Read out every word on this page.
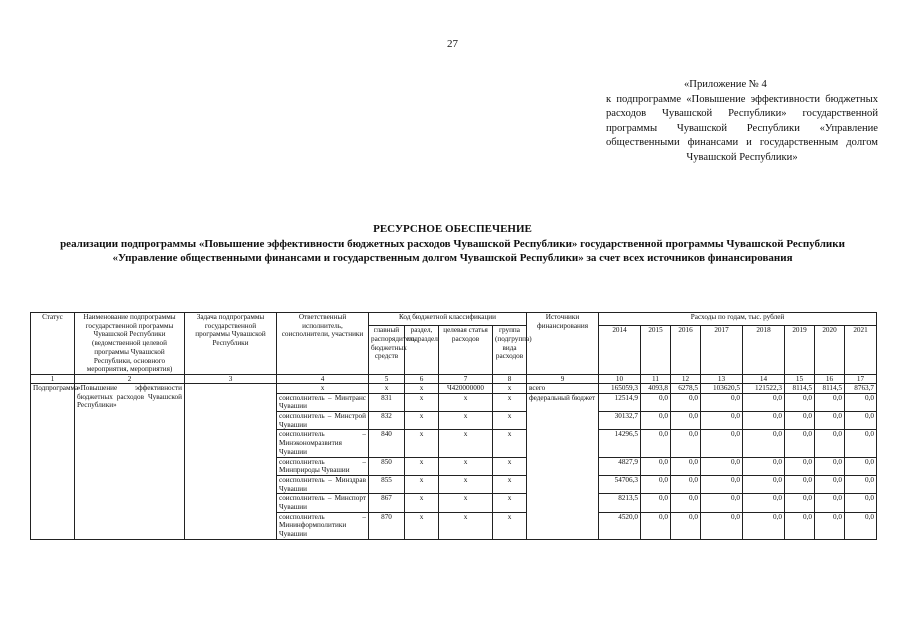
27
«Приложение № 4
к подпрограмме «Повышение эффективности бюджетных расходов Чувашской Республики» государственной программы Чувашской Республики «Управление общественными финансами и государственным долгом Чувашской Республики»
РЕСУРСНОЕ ОБЕСПЕЧЕНИЕ
реализации подпрограммы «Повышение эффективности бюджетных расходов Чувашской Республики» государственной программы Чувашской Республики «Управление общественными финансами и государственным долгом Чувашской Республики» за счет всех источников финансирования
Статус	Наименование подпрограммы государственной программы Чувашской Республики (ведомственной целевой программы Чувашской Республики, основного мероприятия, мероприятия)	Задача подпрограммы государственной программы Чувашской Республики	Ответственный исполнитель, соисполнители, участники	Код бюджетной классификации				Источники финансирования	Расходы по годам, тыс. рублей							
				главный распорядитель бюджетных средств	раздел, подраздел	целевая статья расходов	группа (подгруппа) вида расходов		2014	2015	2016	2017	2018	2019	2020	2021
1	2	3	4	5	6	7	8	9	10	11	12	13	14	15	16	17
Подпрограмма	«Повышение эффективности бюджетных расходов Чувашской Республики»		х	х	х	Ч420000000	х	всего	165059,3	4093,8	6278,5	103620,5	121522,3	8114,5	8114,5	8763,7
			соисполнитель – Минтранс Чувашии	831	х	х	х	федеральный бюджет	12514,9	0,0	0,0	0,0	0,0	0,0	0,0	0,0
			соисполнитель – Минстрой Чувашии	832	х	х	х		30132,7	0,0	0,0	0,0	0,0	0,0	0,0	0,0
			соисполнитель – Минэкономразвития Чувашии	840	х	х	х		14296,5	0,0	0,0	0,0	0,0	0,0	0,0	0,0
			соисполнитель – Минприроды Чувашии	850	х	х	х		4827,9	0,0	0,0	0,0	0,0	0,0	0,0	0,0
			соисполнитель – Минздрав Чувашии	855	х	х	х		54706,3	0,0	0,0	0,0	0,0	0,0	0,0	0,0
			соисполнитель – Минспорт Чувашии	867	х	х	х		8213,5	0,0	0,0	0,0	0,0	0,0	0,0	0,0
			соисполнитель – Мининформполитики Чувашии	870	х	х	х		4520,0	0,0	0,0	0,0	0,0	0,0	0,0	0,0
